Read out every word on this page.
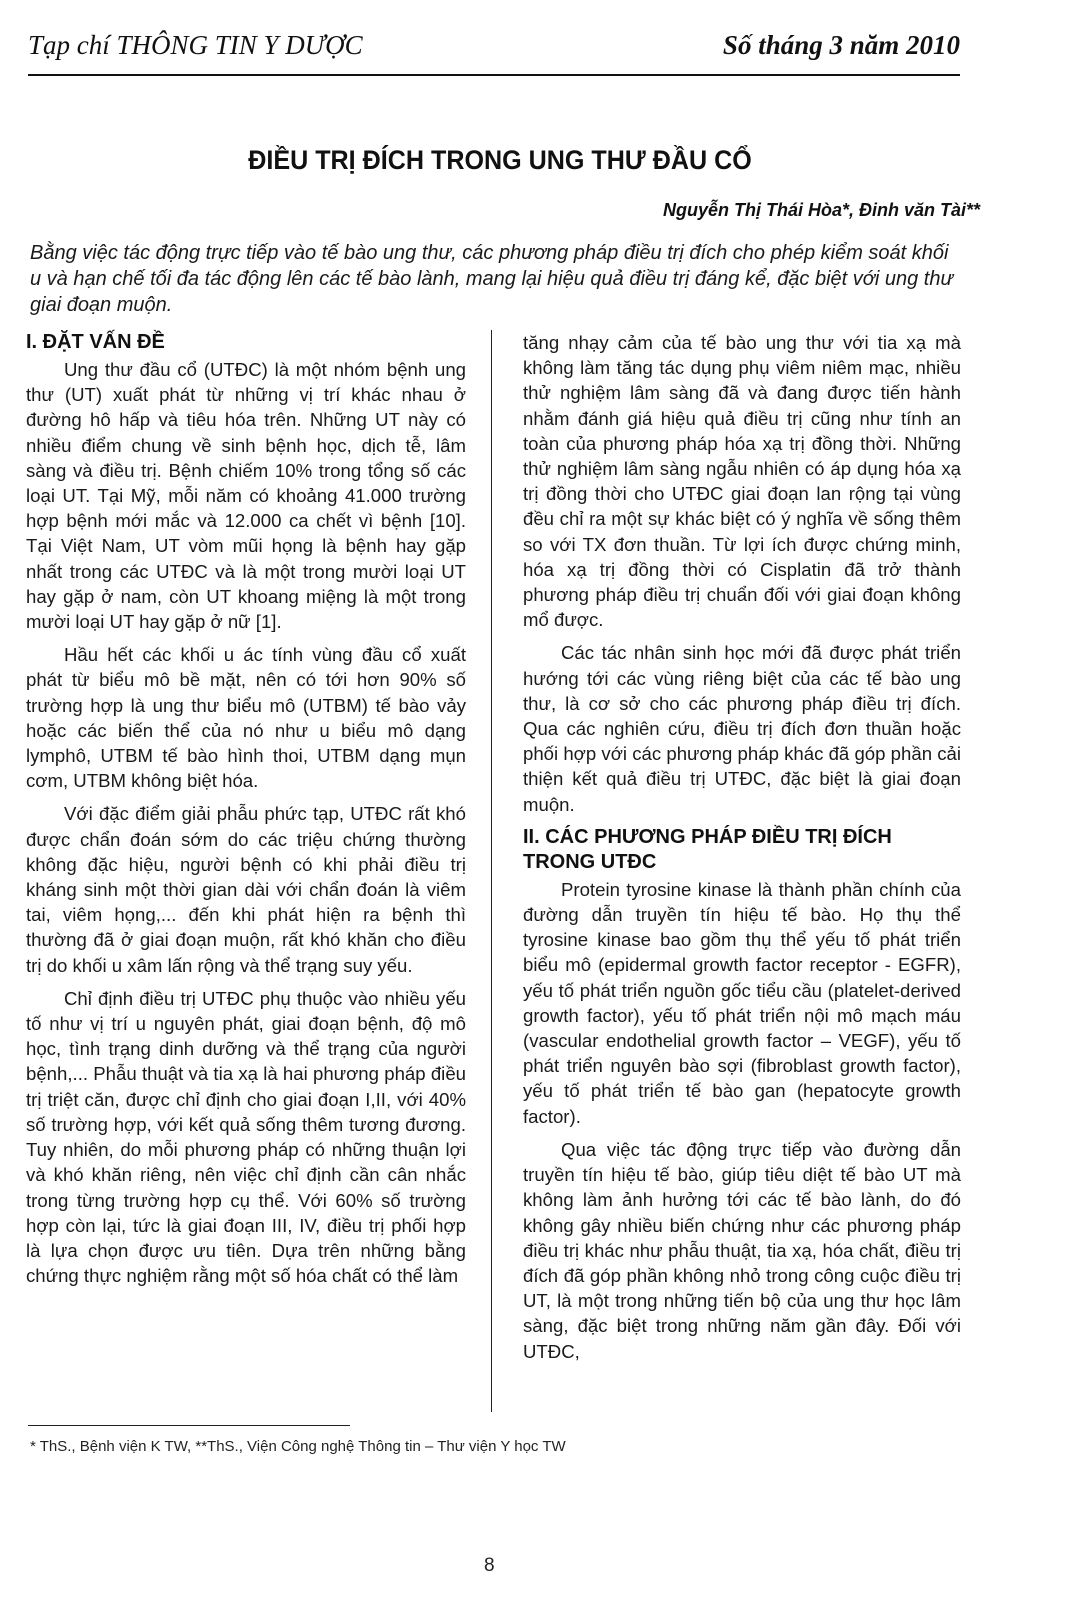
Tạp chí THÔNG TIN Y DƯỢC	Số tháng 3 năm 2010
ĐIỀU TRỊ ĐÍCH TRONG UNG THƯ ĐẦU CỔ
Nguyễn Thị Thái Hòa*, Đinh văn Tài**
Bằng việc tác động trực tiếp vào tế bào ung thư, các phương pháp điều trị đích cho phép kiểm soát khối u và hạn chế tối đa tác động lên các tế bào lành, mang lại hiệu quả điều trị đáng kể, đặc biệt với ung thư giai đoạn muộn.
I. ĐẶT VẤN ĐỀ

Ung thư đầu cổ (UTĐC) là một nhóm bệnh ung thư (UT) xuất phát từ những vị trí khác nhau ở đường hô hấp và tiêu hóa trên. Những UT này có nhiều điểm chung về sinh bệnh học, dịch tễ, lâm sàng và điều trị. Bệnh chiếm 10% trong tổng số các loại UT. Tại Mỹ, mỗi năm có khoảng 41.000 trường hợp bệnh mới mắc và 12.000 ca chết vì bệnh [10]. Tại Việt Nam, UT vòm mũi họng là bệnh hay gặp nhất trong các UTĐC và là một trong mười loại UT hay gặp ở nam, còn UT khoang miệng là một trong mười loại UT hay gặp ở nữ [1].

Hầu hết các khối u ác tính vùng đầu cổ xuất phát từ biểu mô bề mặt, nên có tới hơn 90% số trường hợp là ung thư biểu mô (UTBM) tế bào vảy hoặc các biến thể của nó như u biểu mô dạng lymphô, UTBM tế bào hình thoi, UTBM dạng mụn cơm, UTBM không biệt hóa.

Với đặc điểm giải phẫu phức tạp, UTĐC rất khó được chẩn đoán sớm do các triệu chứng thường không đặc hiệu, người bệnh có khi phải điều trị kháng sinh một thời gian dài với chẩn đoán là viêm tai, viêm họng,... đến khi phát hiện ra bệnh thì thường đã ở giai đoạn muộn, rất khó khăn cho điều trị do khối u xâm lấn rộng và thể trạng suy yếu.

Chỉ định điều trị UTĐC phụ thuộc vào nhiều yếu tố như vị trí u nguyên phát, giai đoạn bệnh, độ mô học, tình trạng dinh dưỡng và thể trạng của người bệnh,... Phẫu thuật và tia xạ là hai phương pháp điều trị triệt căn, được chỉ định cho giai đoạn I,II, với 40% số trường hợp, với kết quả sống thêm tương đương. Tuy nhiên, do mỗi phương pháp có những thuận lợi và khó khăn riêng, nên việc chỉ định cần cân nhắc trong từng trường hợp cụ thể. Với 60% số trường hợp còn lại, tức là giai đoạn III, IV, điều trị phối hợp là lựa chọn được ưu tiên. Dựa trên những bằng chứng thực nghiệm rằng một số hóa chất có thể làm

tăng nhạy cảm của tế bào ung thư với tia xạ mà không làm tăng tác dụng phụ viêm niêm mạc, nhiều thử nghiệm lâm sàng đã và đang được tiến hành nhằm đánh giá hiệu quả điều trị cũng như tính an toàn của phương pháp hóa xạ trị đồng thời. Những thử nghiệm lâm sàng ngẫu nhiên có áp dụng hóa xạ trị đồng thời cho UTĐC giai đoạn lan rộng tại vùng đều chỉ ra một sự khác biệt có ý nghĩa về sống thêm so với TX đơn thuần. Từ lợi ích được chứng minh, hóa xạ trị đồng thời có Cisplatin đã trở thành phương pháp điều trị chuẩn đối với giai đoạn không mổ được.

Các tác nhân sinh học mới đã được phát triển hướng tới các vùng riêng biệt của các tế bào ung thư, là cơ sở cho các phương pháp điều trị đích. Qua các nghiên cứu, điều trị đích đơn thuần hoặc phối hợp với các phương pháp khác đã góp phần cải thiện kết quả điều trị UTĐC, đặc biệt là giai đoạn muộn.

II. CÁC PHƯƠNG PHÁP ĐIỀU TRỊ ĐÍCH TRONG UTĐC

Protein tyrosine kinase là thành phần chính của đường dẫn truyền tín hiệu tế bào. Họ thụ thể tyrosine kinase bao gồm thụ thể yếu tố phát triển biểu mô (epidermal growth factor receptor - EGFR), yếu tố phát triển nguồn gốc tiểu cầu (platelet-derived growth factor), yếu tố phát triển nội mô mạch máu (vascular endothelial growth factor – VEGF), yếu tố phát triển nguyên bào sợi (fibroblast growth factor), yếu tố phát triển tế bào gan (hepatocyte growth factor).

Qua việc tác động trực tiếp vào đường dẫn truyền tín hiệu tế bào, giúp tiêu diệt tế bào UT mà không làm ảnh hưởng tới các tế bào lành, do đó không gây nhiều biến chứng như các phương pháp điều trị khác như phẫu thuật, tia xạ, hóa chất, điều trị đích đã góp phần không nhỏ trong công cuộc điều trị UT, là một trong những tiến bộ của ung thư học lâm sàng, đặc biệt trong những năm gần đây. Đối với UTĐC,

* ThS., Bệnh viện K TW, **ThS., Viện Công nghệ Thông tin – Thư viện Y học TW
8
